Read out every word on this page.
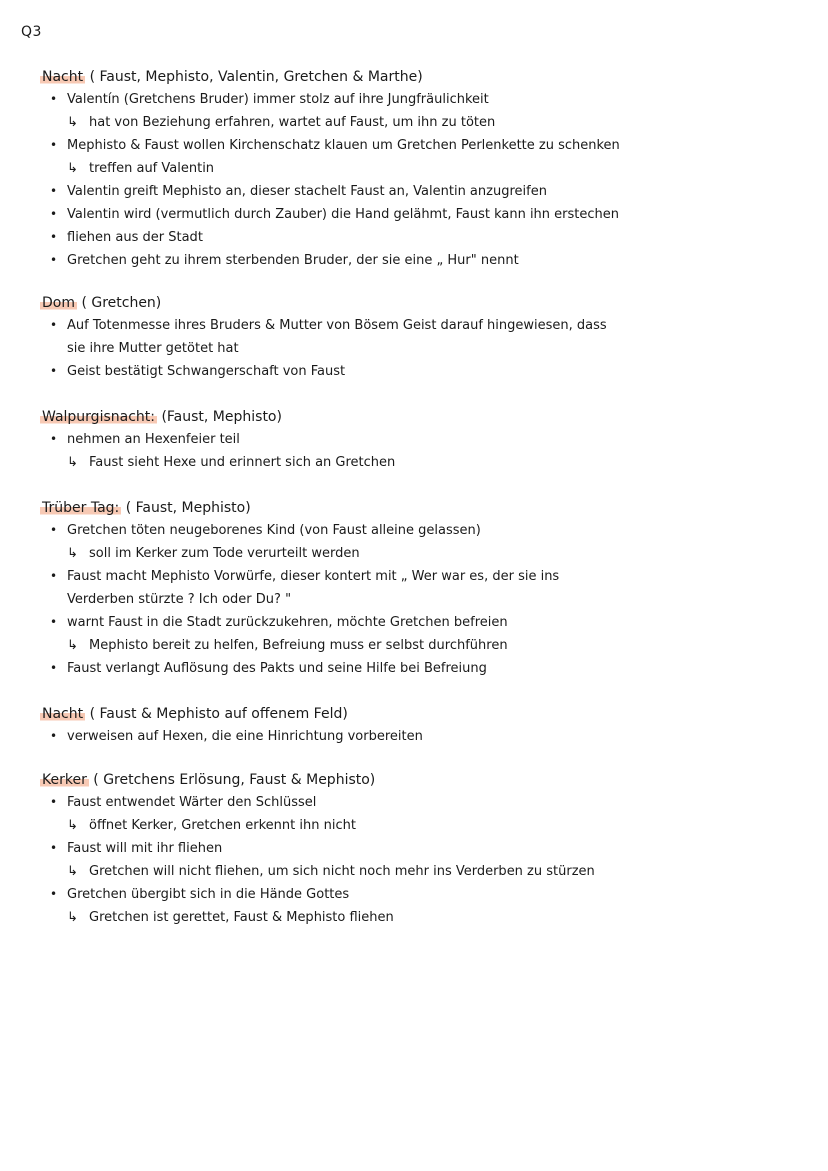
Q3
Nacht ( Faust, Mephisto, Valentin, Gretchen & Marthe)
• Valentín (Gretchens Bruder) immer stolz auf ihre Jungfräulichkeit
↳ hat von Beziehung erfahren, wartet auf Faust, um ihn zu töten
• Mephisto & Faust wollen Kirchenschatz klauen um Gretchen Perlenkette zu schenken
↳ treffen auf Valentin
• Valentin greift Mephisto an, dieser stachelt Faust an, Valentin anzugreifen
• Valentin wird (vermutlich durch Zauber) die Hand gelähmt, Faust kann ihn erstechen
• fliehen aus der Stadt
• Gretchen geht zu ihrem sterbenden Bruder, der sie eine „ Hur" nennt
Dom ( Gretchen)
• Auf Totenmesse ihres Bruders & Mutter von Bösem Geist darauf hingewiesen, dass
sie ihre Mutter getötet hat
• Geist bestätigt Schwangerschaft von Faust
Walpurgisnacht: (Faust, Mephisto)
• nehmen an Hexenfeier teil
↳ Faust sieht Hexe und erinnert sich an Gretchen
Trüber Tag: ( Faust, Mephisto)
• Gretchen töten neugeborenes Kind (von Faust alleine gelassen)
↳ soll im Kerker zum Tode verurteilt werden
• Faust macht Mephisto Vorwürfe, dieser kontert mit „ Wer war es, der sie ins
Verderben stürzte ? Ich oder Du? "
• warnt Faust in die Stadt zurückzukehren, möchte Gretchen befreien
↳ Mephisto bereit zu helfen, Befreiung muss er selbst durchführen
• Faust verlangt Auflösung des Pakts und seine Hilfe bei Befreiung
Nacht ( Faust & Mephisto auf offenem Feld)
• verweisen auf Hexen, die eine Hinrichtung vorbereiten
Kerker ( Gretchens Erlösung, Faust & Mephisto)
• Faust entwendet Wärter den Schlüssel
↳ öffnet Kerker, Gretchen erkennt ihn nicht
• Faust will mit ihr fliehen
↳ Gretchen will nicht fliehen, um sich nicht noch mehr ins Verderben zu stürzen
• Gretchen übergibt sich in die Hände Gottes
↳ Gretchen ist gerettet, Faust & Mephisto fliehen
